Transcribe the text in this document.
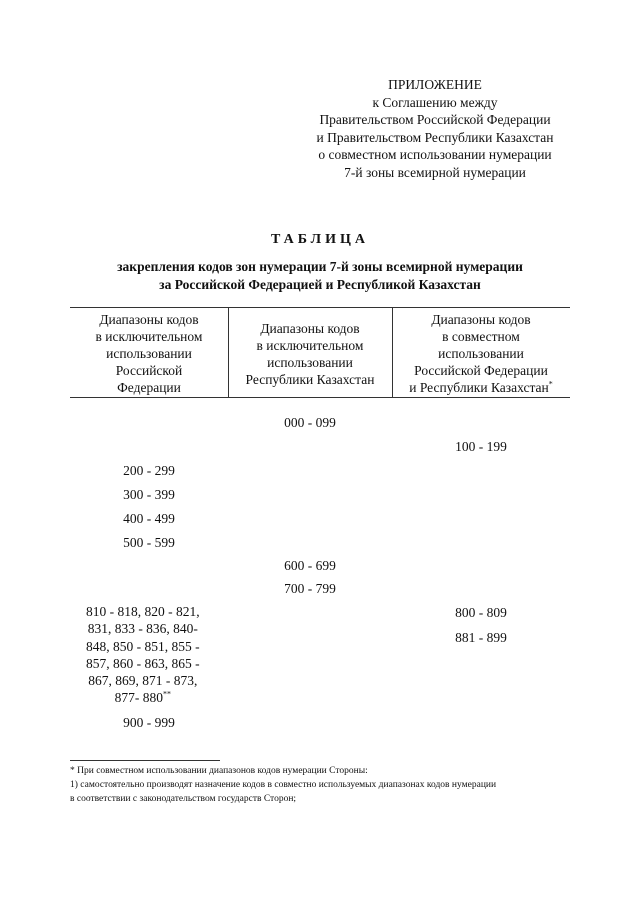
ПРИЛОЖЕНИЕ
к Соглашению между
Правительством Российской Федерации
и Правительством Республики Казахстан
о совместном использовании нумерации
7-й зоны всемирной нумерации
ТАБЛИЦА
закрепления кодов зон нумерации 7-й зоны всемирной нумерации
за Российской Федерацией и Республикой Казахстан
Диапазоны кодов
в исключительном
использовании
Российской
Федерации
Диапазоны кодов
в исключительном
использовании
Республики Казахстан
Диапазоны кодов
в совместном
использовании
Российской Федерации
и Республики Казахстан*
000 - 099
100 - 199
200 - 299
300 - 399
400 - 499
500 - 599
600 - 699
700 - 799
800 - 809
881 - 899
810 - 818, 820 - 821,
831, 833 - 836, 840-
848, 850 - 851, 855 -
857, 860 - 863, 865 -
867, 869, 871 - 873,
877- 880**
900 - 999
* При совместном использовании диапазонов кодов нумерации Стороны:
1) самостоятельно производят назначение кодов в совместно используемых диапазонах кодов нумерации
в соответствии с законодательством государств Сторон;
